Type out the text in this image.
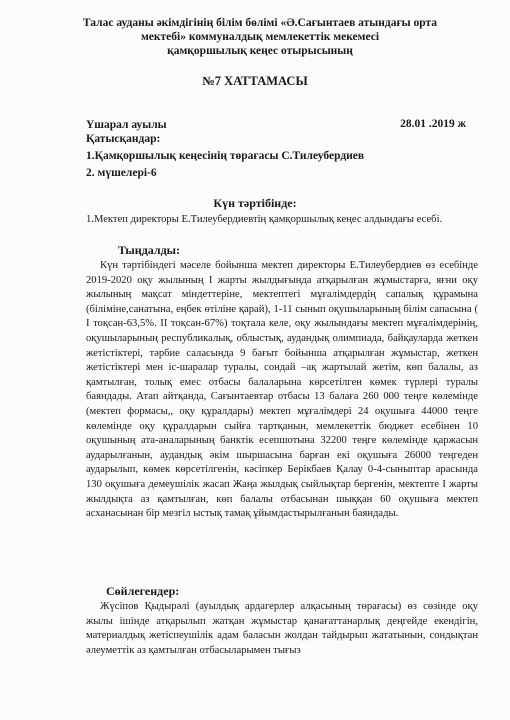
Талас ауданы әкімдігінің білім бөлімі «Ә.Сағынтаев атындағы орта
мектебі» коммуналдық мемлекеттік мекемесі
қамқоршылық кеңес отырысының
№7 ХАТТАМАСЫ
Үшарал ауылы	28.01 .2019 ж
Қатысқандар:
1.Қамқоршылық кеңесінің төрағасы С.Тилеубердиев
2. мүшелері-6
Күн тәртібінде:

1.Мектеп директоры Е.Тилеубердиевтің қамқоршылық кеңес алдындағы есебі.

Тыңдалды:

Күн тәртібіндегі мәселе бойынша мектеп директоры Е.Тилеубердиев өз есебінде 2019-2020 оқу жылының I жарты жылдығында атқарылған жұмыстарға, яғни оқу жылының мақсат міндеттеріне, мектептегі мұғалімдердің сапалық құрамына (біліміне,санатына, еңбек өтіліне қарай), 1-11 сынып оқушыларының білім сапасына ( I тоқсан-63,5%. II тоқсан-67%) тоқтала келе, оқу жылындағы мектеп мұғалімдерінің, оқушыларының республикалық, облыстық, аудандық олимпиада, байқауларда жеткен жетістіктері, тәрбие саласында 9 бағыт бойынша атқарылған жұмыстар, жеткен жетістіктері мен іс-шаралар туралы, сондай –ақ жартылай жетім, көп балалы, аз қамтылған, толық емес отбасы балаларына көрсетілген көмек түрлері туралы баяндады. Атап айтқанда, Сағынтаевтар отбасы 13 балаға 260 000 теңге көлемінде (мектеп формасы,, оқу құралдары) мектеп мұғалімдері 24 оқушыға 44000 теңге көлемінде оқу құралдарын сыйға тартқанын, мемлекеттік бюджет есебінен 10 оқушының ата-аналарының банктік есепшотына 32200 теңге көлемінде қаржасын аударылғанын, аудандық әкім шыршасына барған екі оқушыға 26000 теңгеден аударылып, көмек көрсетілгенін, кәсіпкер Берікбаев Қалау 0-4-сыныптар арасында 130 оқушыға демеушілік жасап Жаңа жылдық сыйлықтар бергенін, мектепте I жарты жылдықта аз қамтылған, көп балалы отбасынан шыққан 60 оқушыға мектеп асханасынан бір мезгіл ыстық тамақ ұйымдастырылғанын баяндады.

Сөйлегендер:

Жүсіпов Қыдырәлі (ауылдық ардагерлер алқасының төрағасы) өз сөзінде оқу жылы ішінде атқарылып жатқан жұмыстар қанағаттанарлық деңгейде екендігін, материалдық жетіспеушілік адам баласын жолдан тайдырып жататынын, сондықтан әлеуметтік аз қамтылған отбасыларымен тығыз
